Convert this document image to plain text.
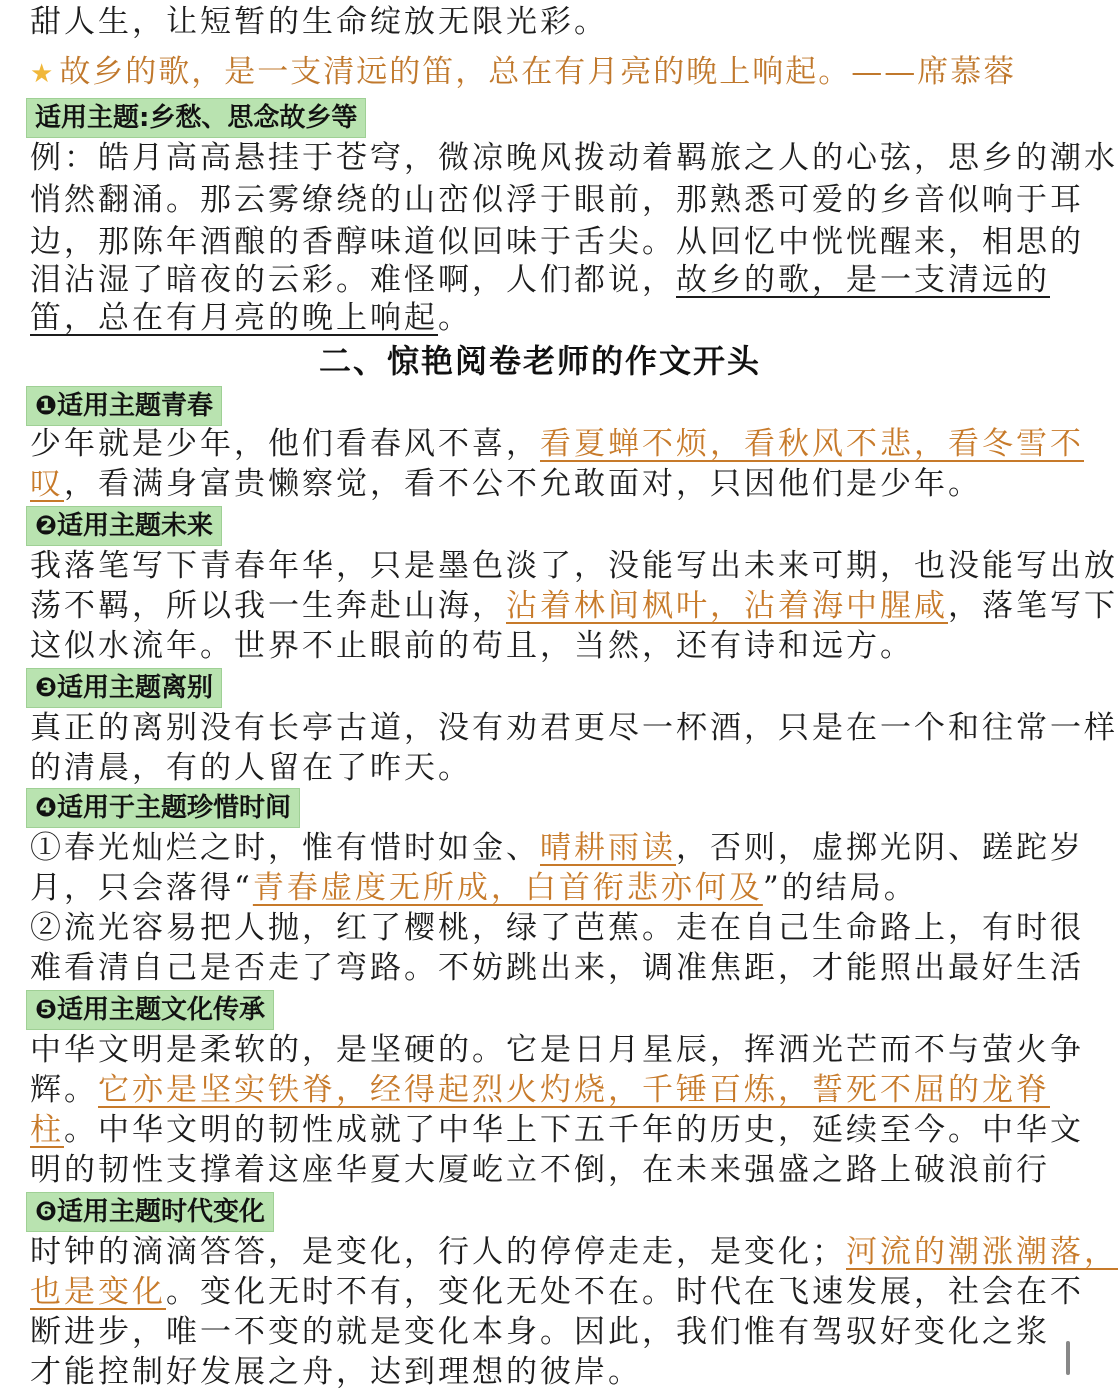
甜人生，让短暂的生命绽放无限光彩。
★ 故乡的歌，是一支清远的笛，总在有月亮的晚上响起。——席慕蓉
适用主题:乡愁、思念故乡等
例：皓月高高悬挂于苍穹，微凉晚风拨动着羁旅之人的心弦，思乡的潮水
悄然翻涌。那云雾缭绕的山峦似浮于眼前，那熟悉可爱的乡音似响于耳
边，那陈年酒酿的香醇味道似回味于舌尖。从回忆中恍恍醒来，相思的
泪沾湿了暗夜的云彩。难怪啊，人们都说，故乡的歌，是一支清远的
笛，总在有月亮的晚上响起。
二、惊艳阅卷老师的作文开头
❶适用主题青春
少年就是少年，他们看春风不喜，看夏蝉不烦，看秋风不悲，看冬雪不
叹，看满身富贵懒察觉，看不公不允敢面对，只因他们是少年。
❷适用主题未来
我落笔写下青春年华，只是墨色淡了，没能写出未来可期，也没能写出放
荡不羁，所以我一生奔赴山海，沾着林间枫叶，沾着海中腥咸，落笔写下
这似水流年。世界不止眼前的苟且，当然，还有诗和远方。
❸适用主题离别
真正的离别没有长亭古道，没有劝君更尽一杯酒，只是在一个和往常一样
的清晨，有的人留在了昨天。
❹适用于主题珍惜时间
①春光灿烂之时，惟有惜时如金、晴耕雨读，否则，虚掷光阴、蹉跎岁
月，只会落得“青春虚度无所成，白首衔悲亦何及”的结局。
②流光容易把人抛，红了樱桃，绿了芭蕉。走在自己生命路上，有时很
难看清自己是否走了弯路。不妨跳出来，调准焦距，才能照出最好生活
❺适用主题文化传承
中华文明是柔软的，是坚硬的。它是日月星辰，挥洒光芒而不与萤火争
辉。它亦是坚实铁脊，经得起烈火灼烧，千锤百炼，誓死不屈的龙脊
柱。中华文明的韧性成就了中华上下五千年的历史，延续至今。中华文
明的韧性支撑着这座华夏大厦屹立不倒，在未来强盛之路上破浪前行
❻适用主题时代变化
时钟的滴滴答答，是变化，行人的停停走走，是变化；河流的潮涨潮落，
也是变化。变化无时不有，变化无处不在。时代在飞速发展，社会在不
断进步，唯一不变的就是变化本身。因此，我们惟有驾驭好变化之浆
才能控制好发展之舟，达到理想的彼岸。
